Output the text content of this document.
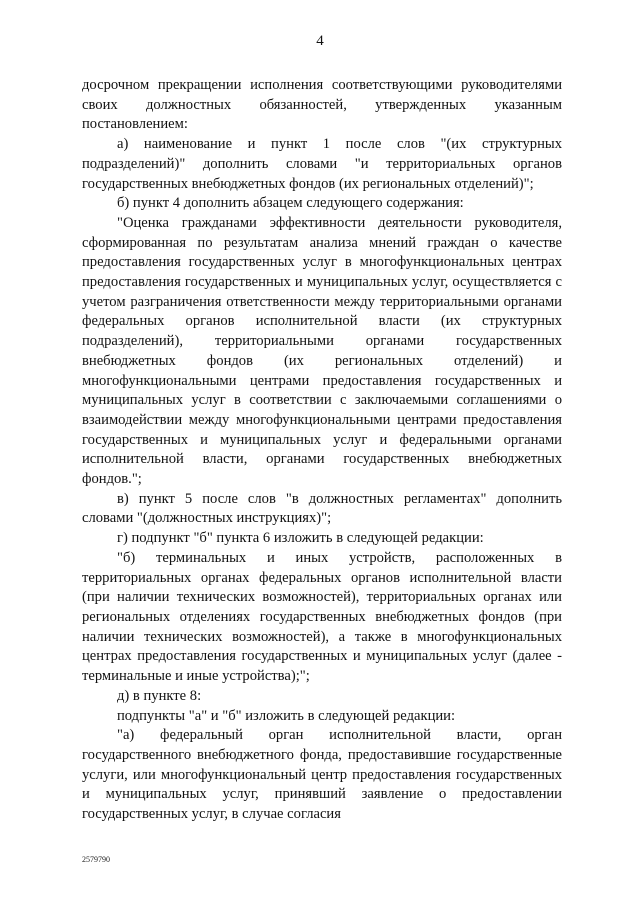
4

досрочном прекращении исполнения соответствующими руководителями своих должностных обязанностей, утвержденных указанным постановлением:

а) наименование и пункт 1 после слов "(их структурных подразделений)" дополнить словами "и территориальных органов государственных внебюджетных фондов (их региональных отделений)";

б) пункт 4 дополнить абзацем следующего содержания:

"Оценка гражданами эффективности деятельности руководителя, сформированная по результатам анализа мнений граждан о качестве предоставления государственных услуг в многофункциональных центрах предоставления государственных и муниципальных услуг, осуществляется с учетом разграничения ответственности между территориальными органами федеральных органов исполнительной власти (их структурных подразделений), территориальными органами государственных внебюджетных фондов (их региональных отделений) и многофункциональными центрами предоставления государственных и муниципальных услуг в соответствии с заключаемыми соглашениями о взаимодействии между многофункциональными центрами предоставления государственных и муниципальных услуг и федеральными органами исполнительной власти, органами государственных внебюджетных фондов.";

в) пункт 5 после слов "в должностных регламентах" дополнить словами "(должностных инструкциях)";

г) подпункт "б" пункта 6 изложить в следующей редакции:

"б) терминальных и иных устройств, расположенных в территориальных органах федеральных органов исполнительной власти (при наличии технических возможностей), территориальных органах или региональных отделениях государственных внебюджетных фондов (при наличии технических возможностей), а также в многофункциональных центрах предоставления государственных и муниципальных услуг (далее - терминальные и иные устройства);";

д) в пункте 8:

подпункты "а" и "б" изложить в следующей редакции:

"а) федеральный орган исполнительной власти, орган государственного внебюджетного фонда, предоставившие государственные услуги, или многофункциональный центр предоставления государственных и муниципальных услуг, принявший заявление о предоставлении государственных услуг, в случае согласия

2579790
